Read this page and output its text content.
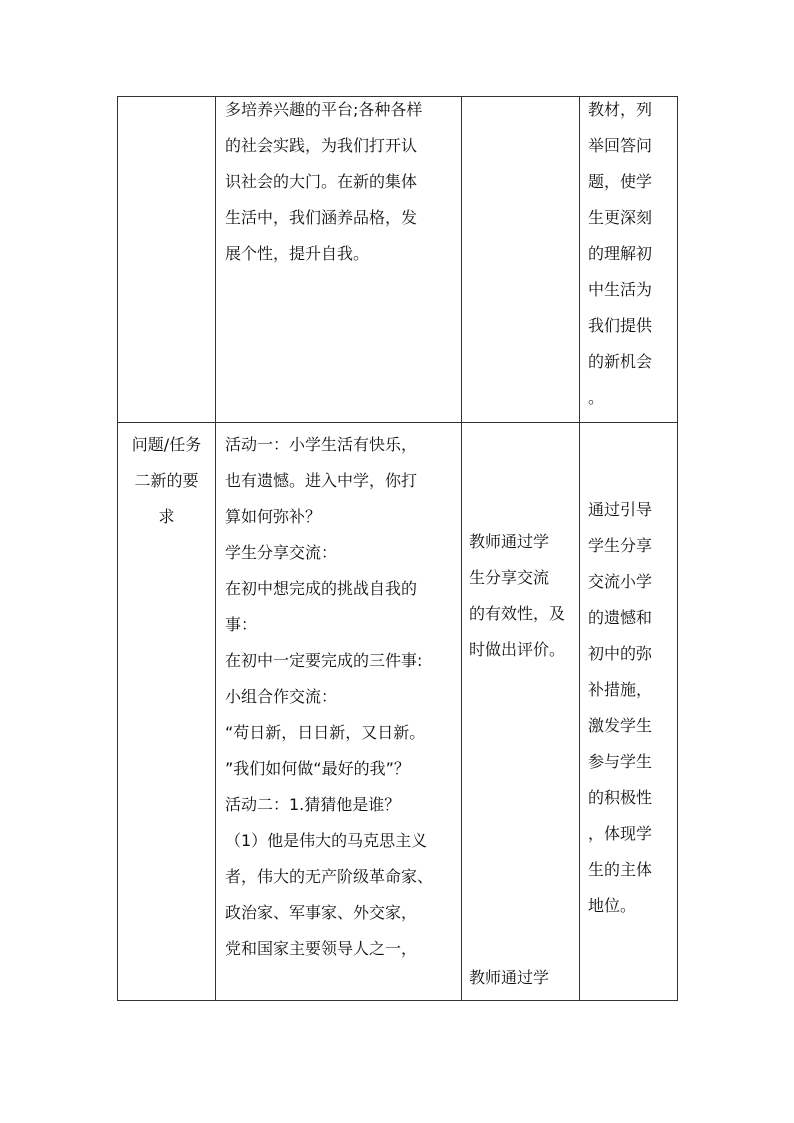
多培养兴趣的平台;各种各样
的社会实践，为我们打开认
识社会的大门。在新的集体
生活中，我们涵养品格，发
展个性，提升自我。
教材，列
举回答问
题，使学
生更深刻
的理解初
中生活为
我们提供
的新机会
。
问题/任务
二新的要
求
活动一：小学生活有快乐，
也有遗憾。进入中学，你打
算如何弥补？
学生分享交流：
在初中想完成的挑战自我的
事：
在初中一定要完成的三件事:
小组合作交流：
“苟日新，日日新，又日新。
”我们如何做“最好的我”？
活动二：1.猜猜他是谁？
（1）他是伟大的马克思主义
者，伟大的无产阶级革命家、
政治家、军事家、外交家，
党和国家主要领导人之一，
教师通过学
生分享交流
的有效性，及
时做出评价。
教师通过学
通过引导
学生分享
交流小学
的遗憾和
初中的弥
补措施，
激发学生
参与学生
的积极性
，体现学
生的主体
地位。
